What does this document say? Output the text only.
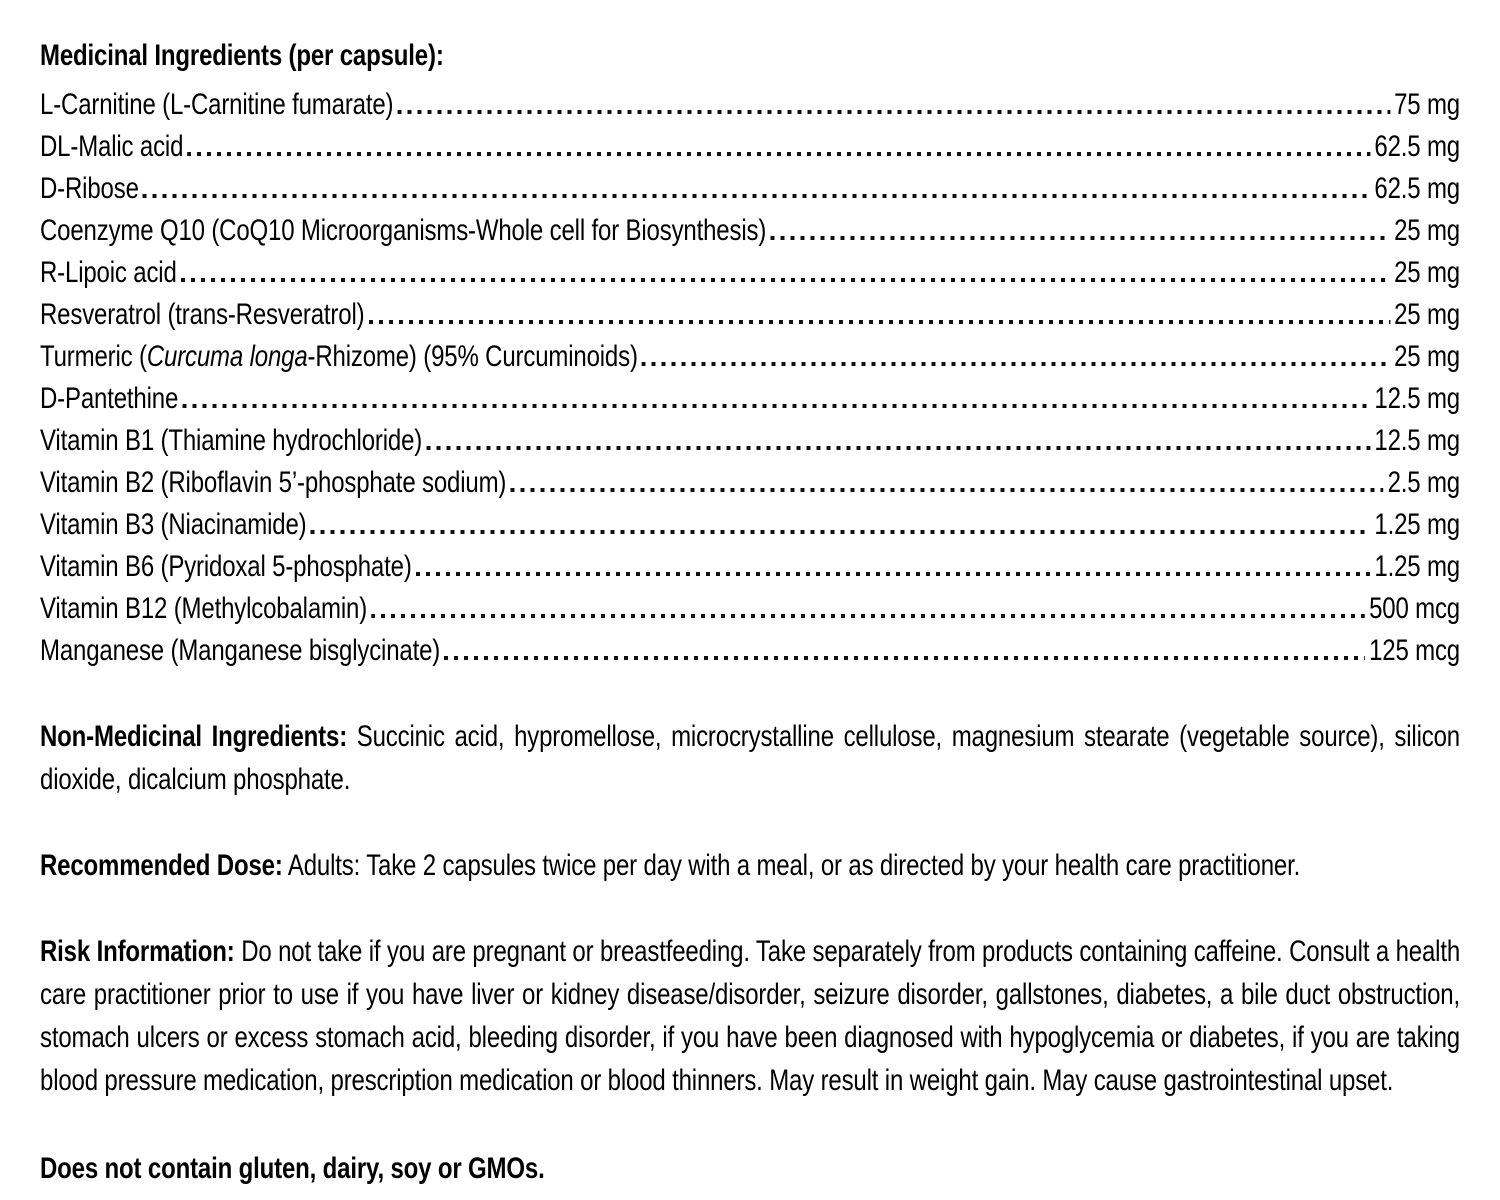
Medicinal Ingredients (per capsule):
L-Carnitine (L-Carnitine fumarate)	75 mg
DL-Malic acid	62.5 mg
D-Ribose	62.5 mg
Coenzyme Q10 (CoQ10 Microorganisms-Whole cell for Biosynthesis)	25 mg
R-Lipoic acid	25 mg
Resveratrol (trans-Resveratrol)	25 mg
Turmeric (Curcuma longa-Rhizome) (95% Curcuminoids)	25 mg
D-Pantethine	12.5 mg
Vitamin B1 (Thiamine hydrochloride)	12.5 mg
Vitamin B2 (Riboflavin 5’-phosphate sodium)	2.5 mg
Vitamin B3 (Niacinamide)	1.25 mg
Vitamin B6 (Pyridoxal 5-phosphate)	1.25 mg
Vitamin B12 (Methylcobalamin)	500 mcg
Manganese (Manganese bisglycinate)	125 mcg

Non-Medicinal Ingredients: Succinic acid, hypromellose, microcrystalline cellulose, magnesium stearate (vegetable source), silicon dioxide, dicalcium phosphate.

Recommended Dose: Adults: Take 2 capsules twice per day with a meal, or as directed by your health care practitioner.

Risk Information: Do not take if you are pregnant or breastfeeding. Take separately from products containing caffeine. Consult a health care practitioner prior to use if you have liver or kidney disease/disorder, seizure disorder, gallstones, diabetes, a bile duct obstruction, stomach ulcers or excess stomach acid, bleeding disorder, if you have been diagnosed with hypoglycemia or diabetes, if you are taking blood pressure medication, prescription medication or blood thinners. May result in weight gain. May cause gastrointestinal upset.

Does not contain gluten, dairy, soy or GMOs.
